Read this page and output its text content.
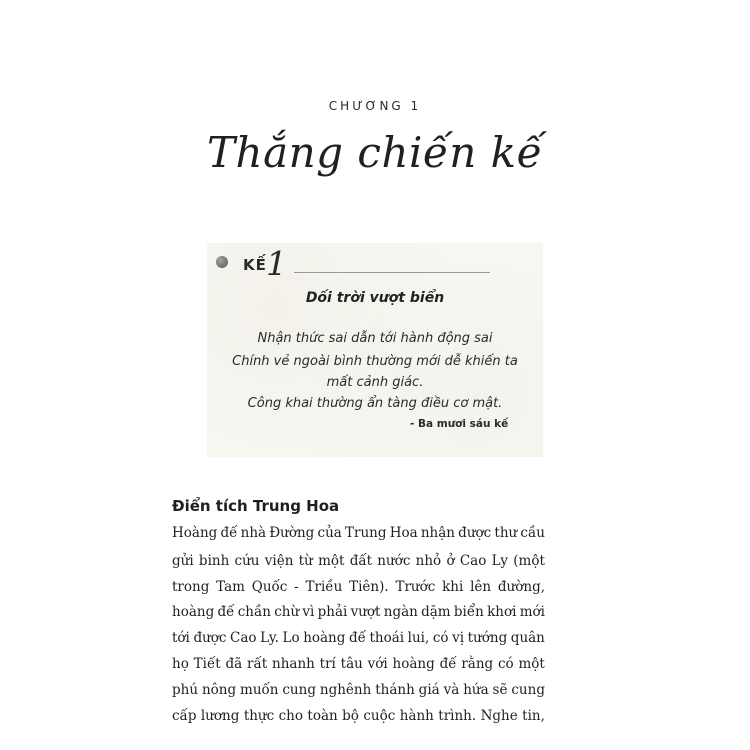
CHƯƠNG 1
Thắng chiến kế
KẾ 1
Dối trời vượt biển
Nhận thức sai dẫn tới hành động sai
Chính vẻ ngoài bình thường mới dễ khiến ta
mất cảnh giác.
Công khai thường ẩn tàng điều cơ mật.
- Ba mươi sáu kế
Điển tích Trung Hoa
Hoàng đế nhà Đường của Trung Hoa nhận được thư cầu
gửi binh cứu viện từ một đất nước nhỏ ở Cao Ly (một
trong Tam Quốc - Triều Tiên). Trước khi lên đường,
hoàng đế chần chừ vì phải vượt ngàn dặm biển khơi mới
tới được Cao Ly. Lo hoàng đế thoái lui, có vị tướng quân
họ Tiết đã rất nhanh trí tâu với hoàng đế rằng có một
phú nông muốn cung nghênh thánh giá và hứa sẽ cung
cấp lương thực cho toàn bộ cuộc hành trình. Nghe tin,
